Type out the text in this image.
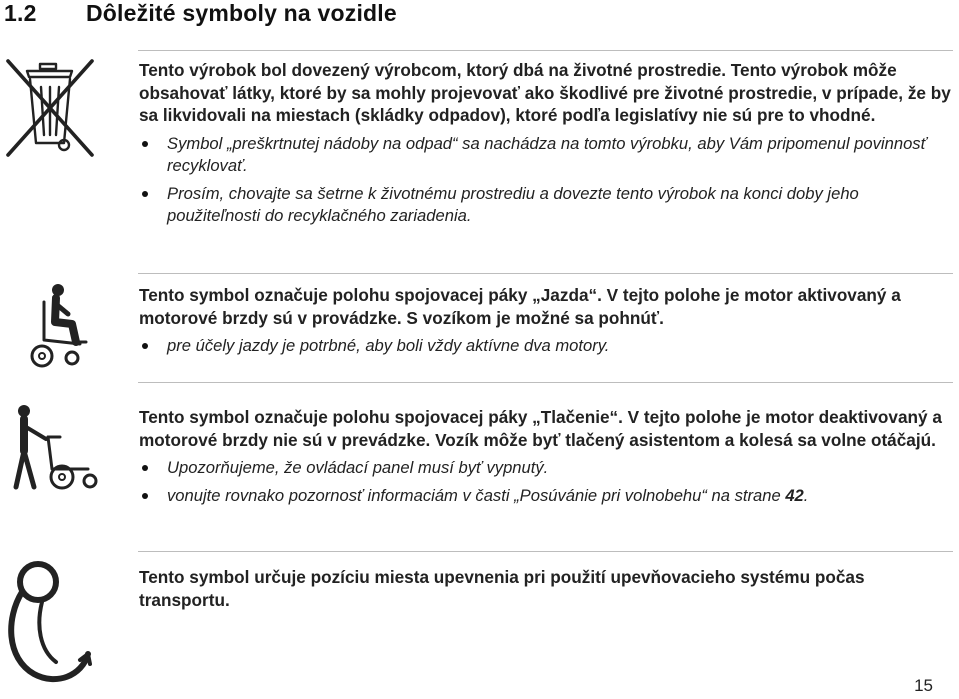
1.2 Dôležité symboly na vozidle
Tento výrobok bol dovezený výrobcom, ktorý dbá na životné prostredie. Tento výrobok môže obsahovať látky, ktoré by sa mohly projevovať ako škodlivé pre životné prostredie, v prípade, že by sa likvidovali na miestach (skládky odpadov), ktoré podľa legislatívy nie sú pre to vhodné.
Symbol „preškrtnutej nádoby na odpad“ sa nachádza na tomto výrobku, aby Vám pripomenul povinnosť recyklovať.
Prosím, chovajte sa šetrne k životnému prostrediu a dovezte tento výrobok na konci doby jeho použiteľnosti do recyklačného zariadenia.
Tento symbol označuje polohu spojovacej páky „Jazda“. V tejto polohe je motor aktivovaný a motorové brzdy sú v provádzke. S vozíkom je možné sa pohnúť.
pre účely jazdy je potrbné, aby boli vždy aktívne dva motory.
Tento symbol označuje polohu spojovacej páky „Tlačenie“. V tejto polohe je motor deaktivovaný a motorové brzdy nie sú v prevádzke. Vozík môže byť tlačený asistentom a kolesá sa volne otáčajú.
Upozorňujeme, že ovládací panel musí byť vypnutý.
vonujte rovnako pozornosť informaciám v časti „Posúvánie pri volnobehu“ na strane 42.
Tento symbol určuje pozíciu miesta upevnenia pri použití upevňovacieho systému počas transportu.
15
